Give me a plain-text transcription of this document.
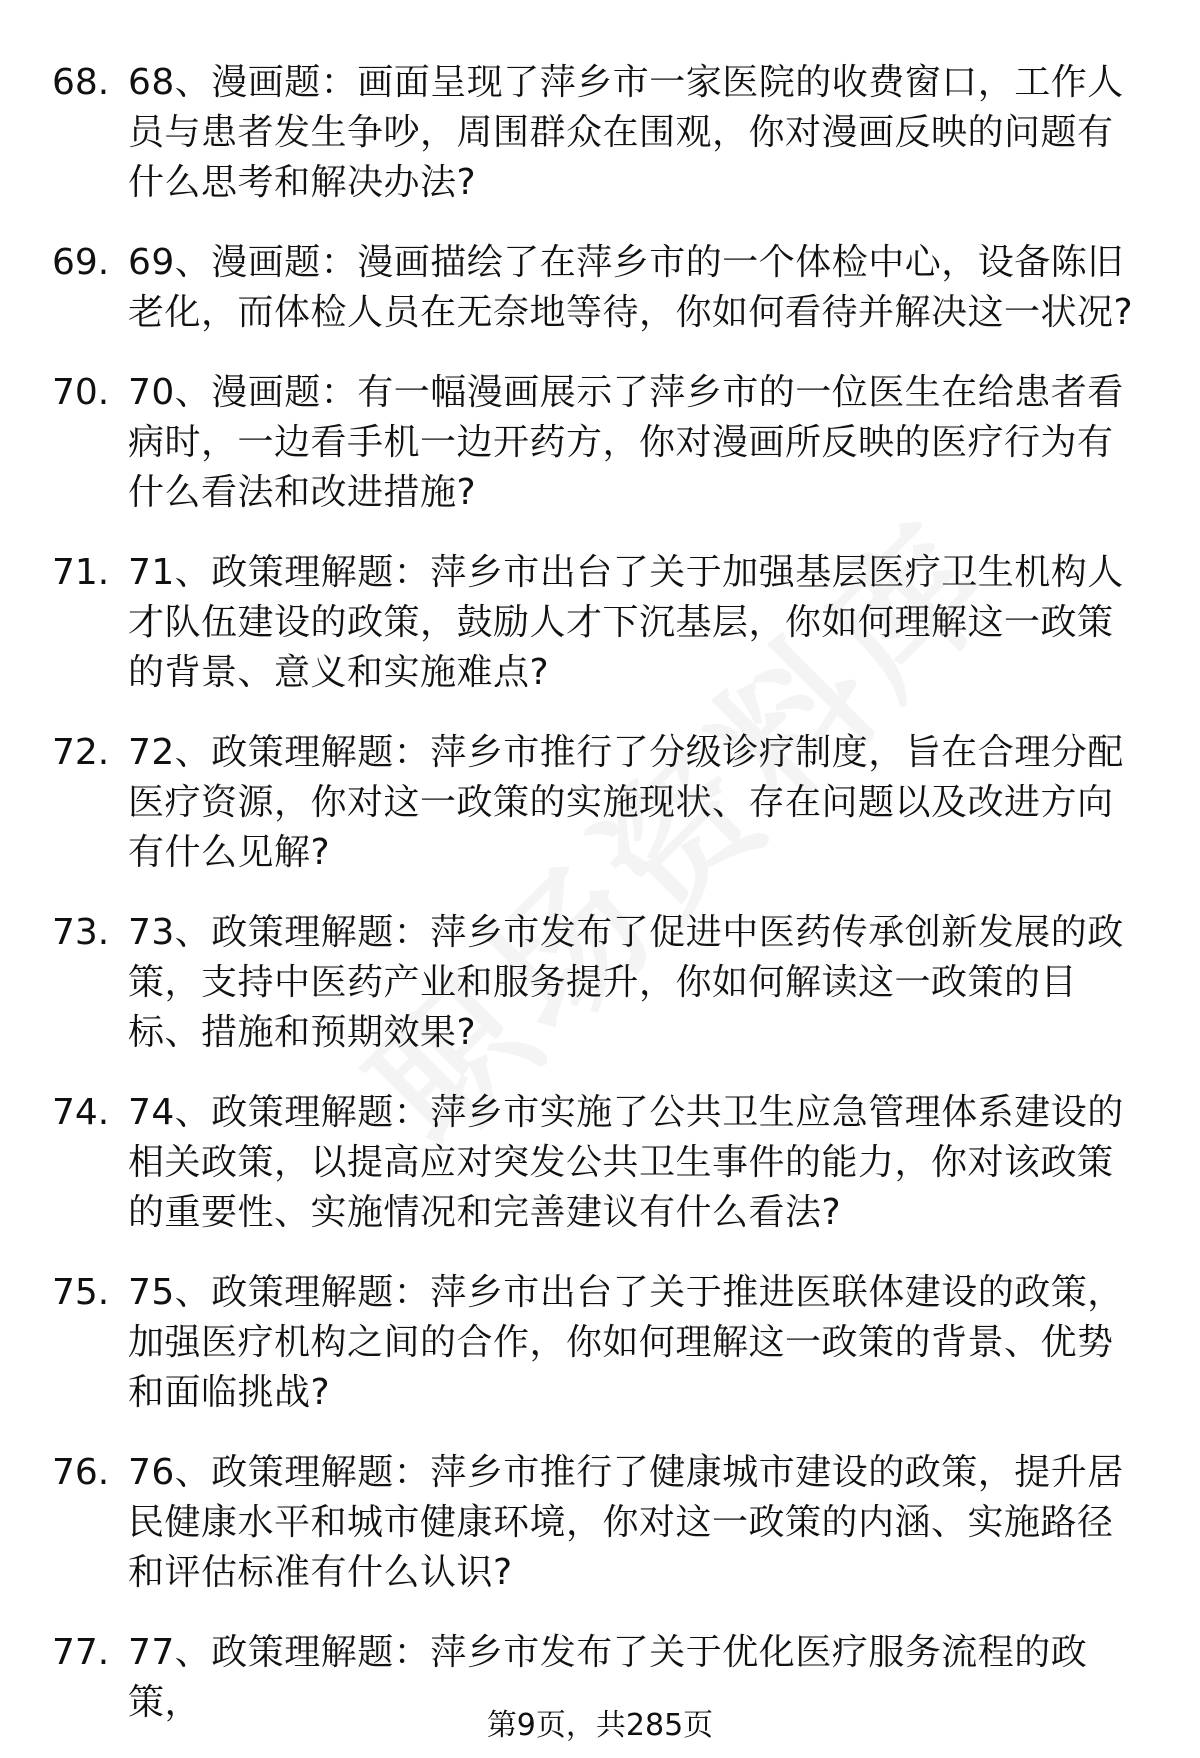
68. 68、漫画题：画面呈现了萍乡市一家医院的收费窗口，工作人员与患者发生争吵，周围群众在围观，你对漫画反映的问题有什么思考和解决办法?
69. 69、漫画题：漫画描绘了在萍乡市的一个体检中心，设备陈旧老化，而体检人员在无奈地等待，你如何看待并解决这一状况?
70. 70、漫画题：有一幅漫画展示了萍乡市的一位医生在给患者看病时，一边看手机一边开药方，你对漫画所反映的医疗行为有什么看法和改进措施?
71. 71、政策理解题：萍乡市出台了关于加强基层医疗卫生机构人才队伍建设的政策，鼓励人才下沉基层，你如何理解这一政策的背景、意义和实施难点?
72. 72、政策理解题：萍乡市推行了分级诊疗制度，旨在合理分配医疗资源，你对这一政策的实施现状、存在问题以及改进方向有什么见解?
73. 73、政策理解题：萍乡市发布了促进中医药传承创新发展的政策，支持中医药产业和服务提升，你如何解读这一政策的目标、措施和预期效果?
74. 74、政策理解题：萍乡市实施了公共卫生应急管理体系建设的相关政策，以提高应对突发公共卫生事件的能力，你对该政策的重要性、实施情况和完善建议有什么看法?
75. 75、政策理解题：萍乡市出台了关于推进医联体建设的政策，加强医疗机构之间的合作，你如何理解这一政策的背景、优势和面临挑战?
76. 76、政策理解题：萍乡市推行了健康城市建设的政策，提升居民健康水平和城市健康环境，你对这一政策的内涵、实施路径和评估标准有什么认识?
77. 77、政策理解题：萍乡市发布了关于优化医疗服务流程的政策，
第9页，共285页
